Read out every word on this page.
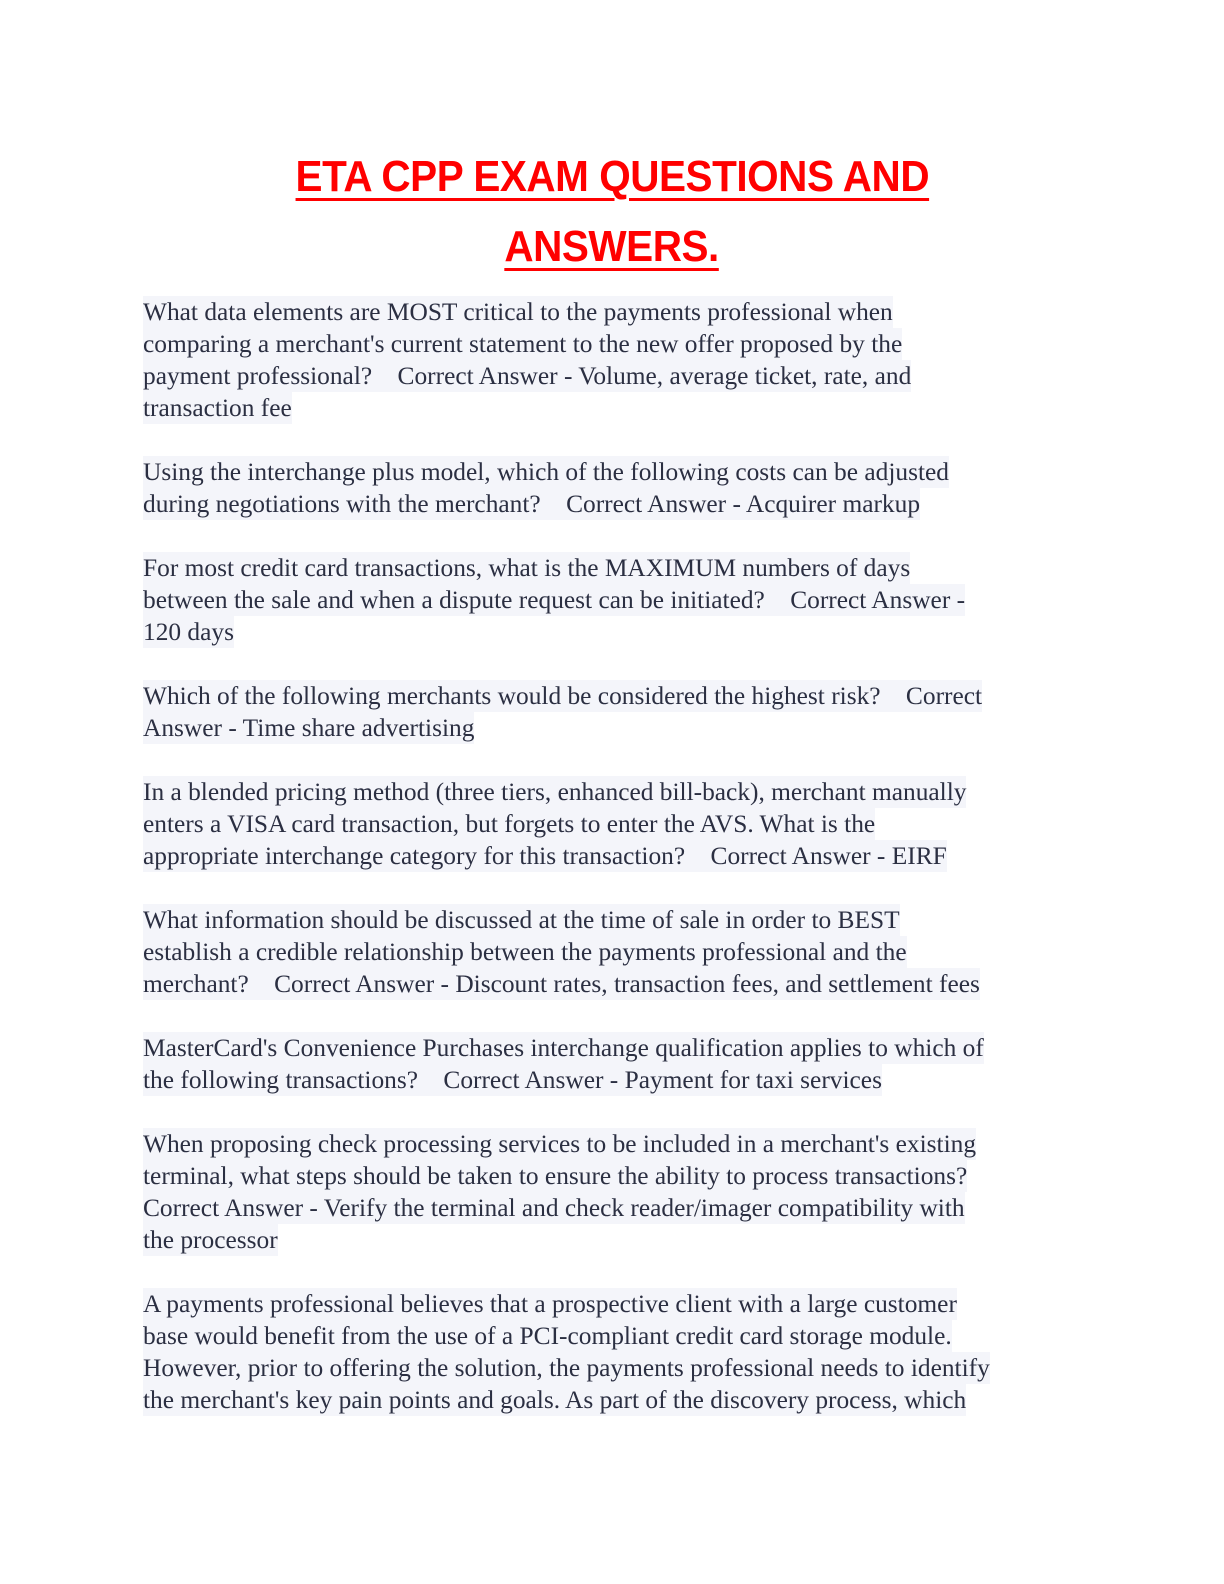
ETA CPP EXAM QUESTIONS AND
ANSWERS.
What data elements are MOST critical to the payments professional when
comparing a merchant's current statement to the new offer proposed by the
payment professional?    Correct Answer - Volume, average ticket, rate, and
transaction fee
Using the interchange plus model, which of the following costs can be adjusted
during negotiations with the merchant?    Correct Answer - Acquirer markup
For most credit card transactions, what is the MAXIMUM numbers of days
between the sale and when a dispute request can be initiated?    Correct Answer -
120 days
Which of the following merchants would be considered the highest risk?    Correct
Answer - Time share advertising
In a blended pricing method (three tiers, enhanced bill-back), merchant manually
enters a VISA card transaction, but forgets to enter the AVS. What is the
appropriate interchange category for this transaction?    Correct Answer - EIRF
What information should be discussed at the time of sale in order to BEST
establish a credible relationship between the payments professional and the
merchant?    Correct Answer - Discount rates, transaction fees, and settlement fees
MasterCard's Convenience Purchases interchange qualification applies to which of
the following transactions?    Correct Answer - Payment for taxi services
When proposing check processing services to be included in a merchant's existing
terminal, what steps should be taken to ensure the ability to process transactions?
Correct Answer - Verify the terminal and check reader/imager compatibility with
the processor
A payments professional believes that a prospective client with a large customer
base would benefit from the use of a PCI-compliant credit card storage module.
However, prior to offering the solution, the payments professional needs to identify
the merchant's key pain points and goals. As part of the discovery process, which
